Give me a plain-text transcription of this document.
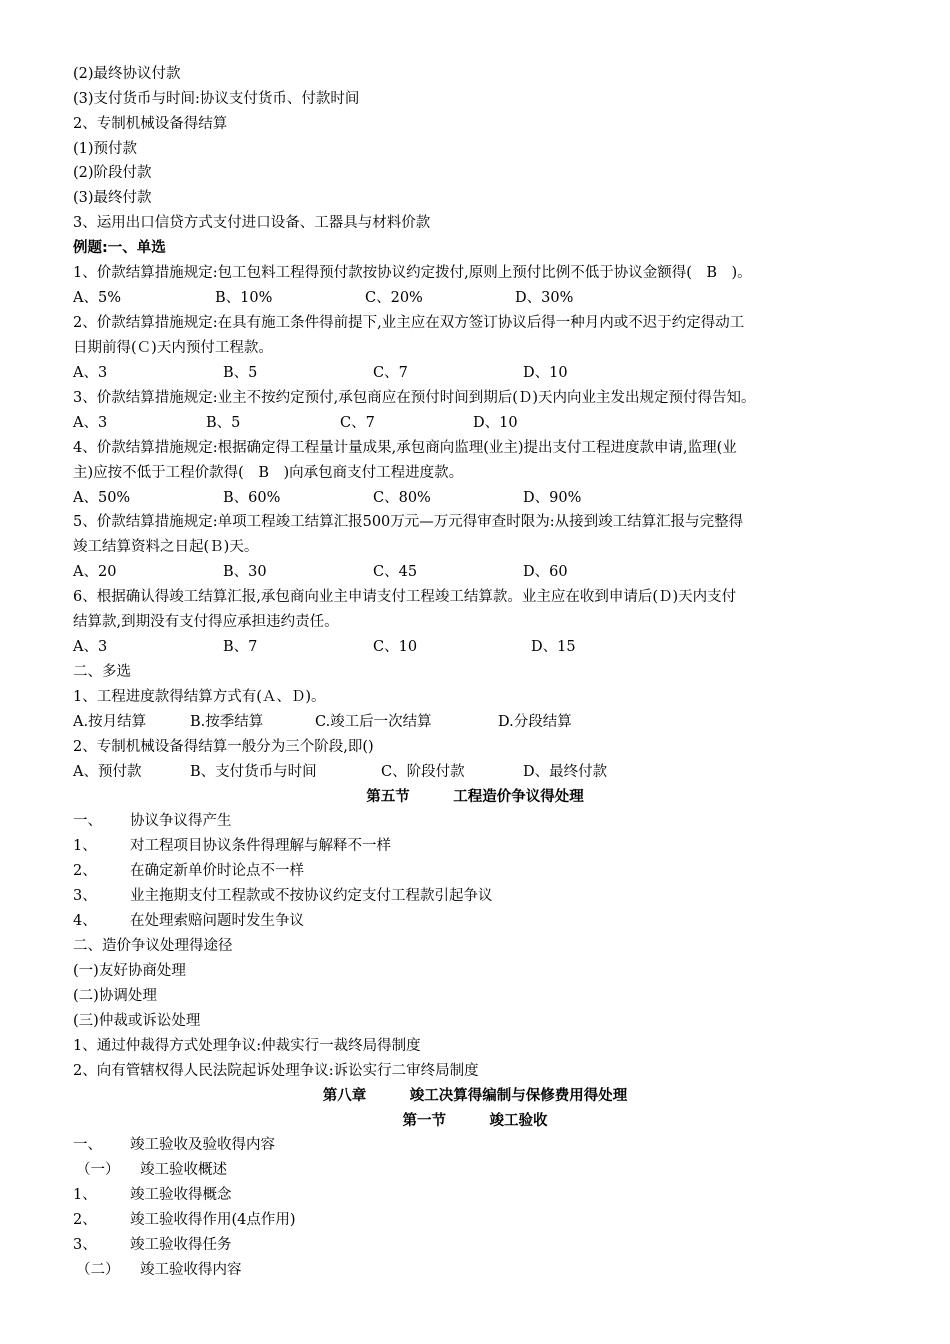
(2)最终协议付款
(3)支付货币与时间:协议支付货币、付款时间
2、专制机械设备得结算
(1)预付款
(2)阶段付款
(3)最终付款
3、运用出口信贷方式支付进口设备、工器具与材料价款
例题:一、单选
1、价款结算措施规定:包工包料工程得预付款按协议约定拨付,原则上预付比例不低于协议金额得(　B　)。

A、5%

	B、10%

	C、20%

	D、30%

2、价款结算措施规定:在具有施工条件得前提下,业主应在双方签订协议后得一种月内或不迟于约定得动工
日期前得(Ｃ)天内预付工程款。

A、3

	B、5

	C、7

	D、10

3、价款结算措施规定:业主不按约定预付,承包商应在预付时间到期后(Ｄ)天内向业主发出规定预付得告知。

A、3

	B、5

	C、7

	D、10

4、价款结算措施规定:根据确定得工程量计量成果,承包商向监理(业主)提出支付工程进度款申请,监理(业
主)应按不低于工程价款得(　B　)向承包商支付工程进度款。

A、50%

	B、60%

	C、80%

	D、90%

5、价款结算措施规定:单项工程竣工结算汇报500万元—万元得审查时限为:从接到竣工结算汇报与完整得
竣工结算资料之日起(Ｂ)天。

A、20

	B、30

	C、45

	D、60

6、根据确认得竣工结算汇报,承包商向业主申请支付工程竣工结算款。业主应在收到申请后(Ｄ)天内支付
结算款,到期没有支付得应承担违约责任。

A、3

	B、7

	C、10

	D、15

二、多选
1、工程进度款得结算方式有(Ａ、Ｄ)。

A.按月结算

	B.按季结算

	C.竣工后一次结算

	D.分段结算

2、专制机械设备得结算一般分为三个阶段,即()

A、预付款

	B、支付货币与时间

	C、阶段付款

	D、最终付款

第五节　　　工程造价争议得处理
一、 协议争议得产生
1、 对工程项目协议条件得理解与解释不一样
2、 在确定新单价时论点不一样
3、 业主拖期支付工程款或不按协议约定支付工程款引起争议
4、 在处理索赔问题时发生争议
二、造价争议处理得途径
(一)友好协商处理
(二)协调处理
(三)仲裁或诉讼处理
1、通过仲裁得方式处理争议:仲裁实行一裁终局得制度
2、向有管辖权得人民法院起诉处理争议:诉讼实行二审终局制度
第八章　　　竣工决算得编制与保修费用得处理
第一节　　　竣工验收
一、 竣工验收及验收得内容
（一） 竣工验收概述
1、 竣工验收得概念
2、 竣工验收得作用(4点作用)
3、 竣工验收得任务
（二） 竣工验收得内容
